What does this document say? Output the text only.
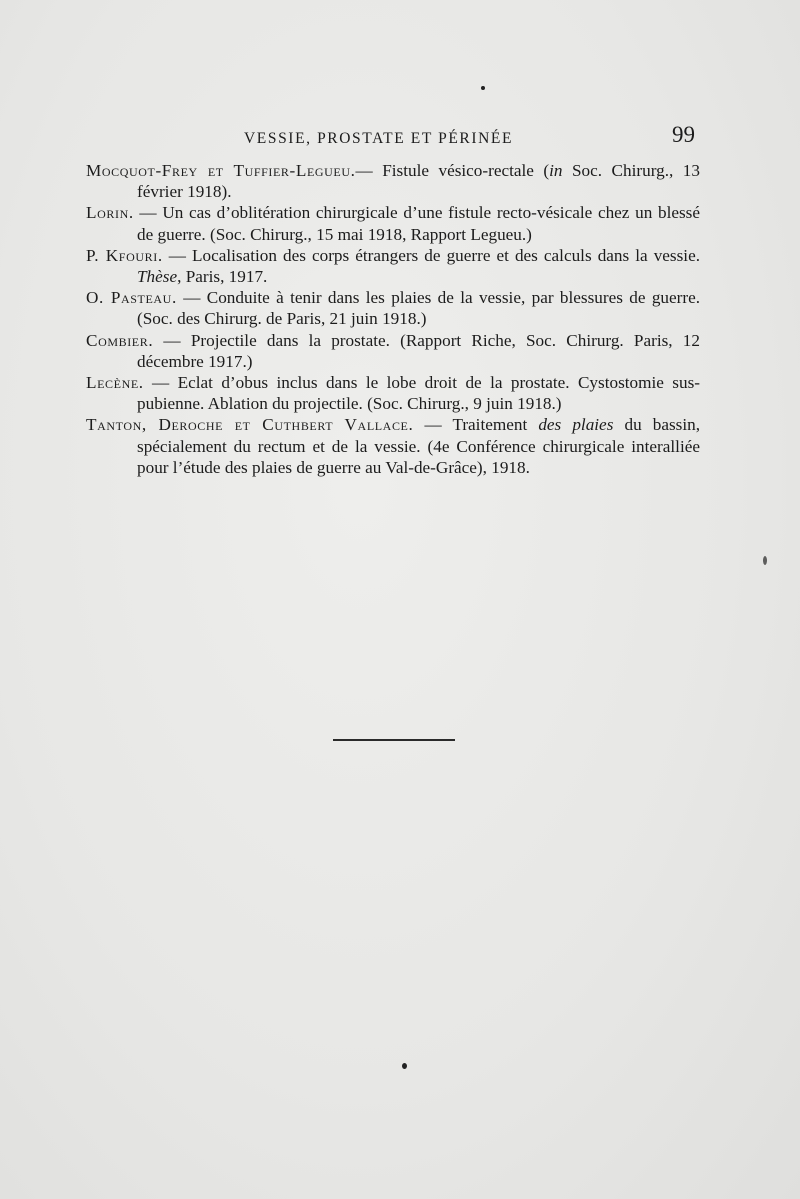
VESSIE, PROSTATE ET PÉRINÉE	99

Mocquot-Frey et Tuffier-Legueu.— Fistule vésico-rectale (in Soc. Chirurg., 13 février 1918).

Lorin. — Un cas d’oblitération chirurgicale d’une fistule recto-vésicale chez un blessé de guerre. (Soc. Chirurg., 15 mai 1918, Rapport Legueu.)

P. Kfouri. — Localisation des corps étrangers de guerre et des calculs dans la vessie. Thèse, Paris, 1917.

O. Pasteau. — Conduite à tenir dans les plaies de la vessie, par blessures de guerre. (Soc. des Chirurg. de Paris, 21 juin 1918.)

Combier. — Projectile dans la prostate. (Rapport Riche, Soc. Chirurg. Paris, 12 décembre 1917.)

Lecène. — Eclat d’obus inclus dans le lobe droit de la prostate. Cystostomie sus-pubienne. Ablation du projectile. (Soc. Chirurg., 9 juin 1918.)

Tanton, Deroche et Cuthbert Vallace. — Traitement des plaies du bassin, spécialement du rectum et de la vessie. (4e Conférence chirurgicale interalliée pour l’étude des plaies de guerre au Val-de-Grâce), 1918.
